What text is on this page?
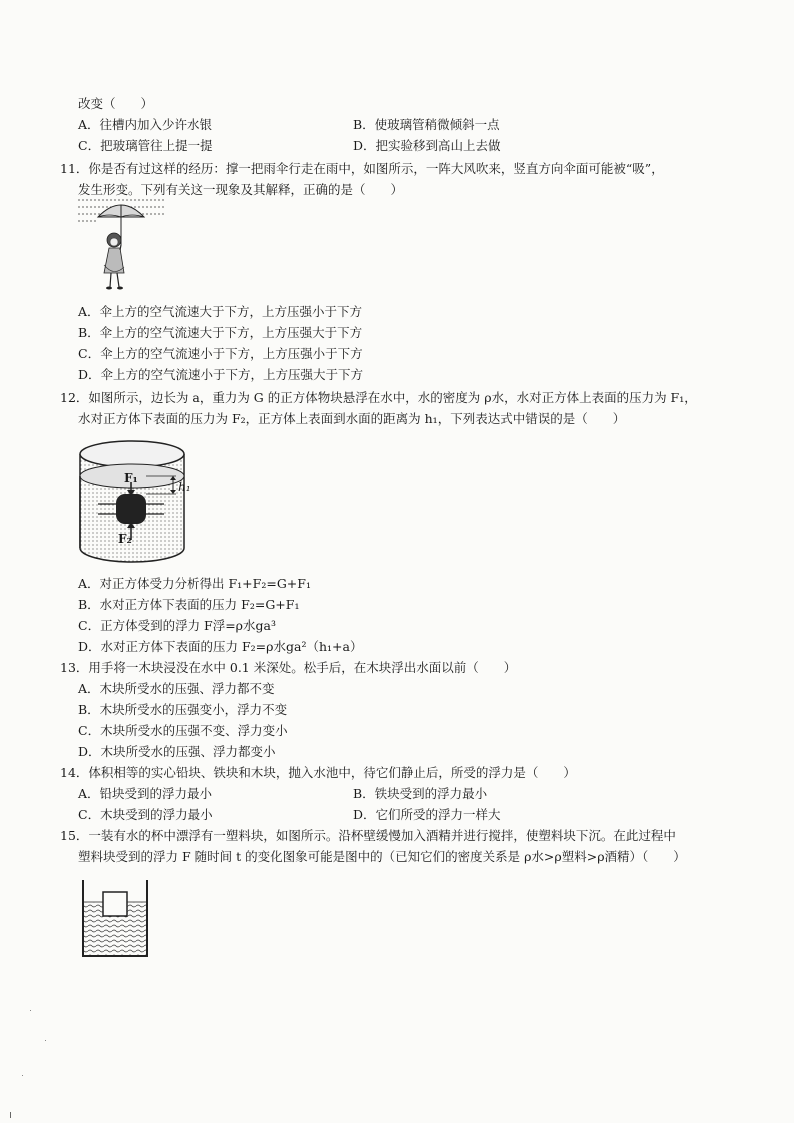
改变（　　）
A．往槽内加入少许水银	B．使玻璃管稍微倾斜一点
C．把玻璃管往上提一提	D．把实验移到高山上去做
11．你是否有过这样的经历：撑一把雨伞行走在雨中，如图所示，一阵大风吹来，竖直方向伞面可能被“吸”，
发生形变。下列有关这一现象及其解释，正确的是（　　）
A．伞上方的空气流速大于下方，上方压强小于下方
B．伞上方的空气流速大于下方，上方压强大于下方
C．伞上方的空气流速小于下方，上方压强小于下方
D．伞上方的空气流速小于下方，上方压强大于下方
12．如图所示，边长为 a，重力为 G 的正方体物块悬浮在水中，水的密度为 ρ水，水对正方体上表面的压力为 F₁，
水对正方体下表面的压力为 F₂，正方体上表面到水面的距离为 h₁，下列表达式中错误的是（　　）
F₁
F₂
h₁
A．对正方体受力分析得出 F₁+F₂=G+F₁
B．水对正方体下表面的压力 F₂=G+F₁
C．正方体受到的浮力 F浮=ρ水ga³
D．水对正方体下表面的压力 F₂=ρ水ga²（h₁+a）
13．用手将一木块浸没在水中 0.1 米深处。松手后，在木块浮出水面以前（　　）
A．木块所受水的压强、浮力都不变
B．木块所受水的压强变小，浮力不变
C．木块所受水的压强不变、浮力变小
D．木块所受水的压强、浮力都变小
14．体积相等的实心铅块、铁块和木块，抛入水池中，待它们静止后，所受的浮力是（　　）
A．铅块受到的浮力最小	B．铁块受到的浮力最小
C．木块受到的浮力最小	D．它们所受的浮力一样大
15．一装有水的杯中漂浮有一塑料块，如图所示。沿杯壁缓慢加入酒精并进行搅拌，使塑料块下沉。在此过程中
塑料块受到的浮力 F 随时间 t 的变化图象可能是图中的（已知它们的密度关系是 ρ水>ρ塑料>ρ酒精）（　　）
